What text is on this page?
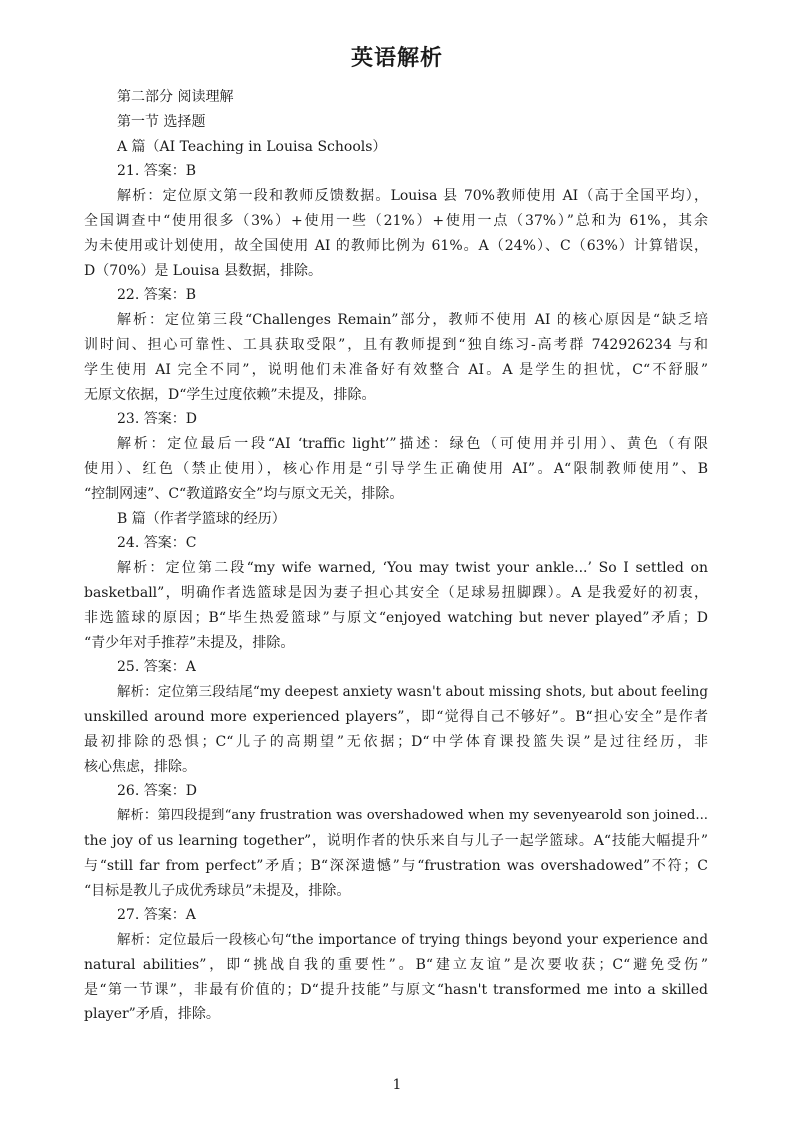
英语解析
第二部分 阅读理解
第一节 选择题
A 篇（AI Teaching in Louisa Schools）
21. 答案：B
解析：定位原文第一段和教师反馈数据。Louisa 县 70%教师使用 AI（高于全国平均），
全国调查中“使用很多（3%）+使用一些（21%）+使用一点（37%）”总和为 61%，其余
为未使用或计划使用，故全国使用 AI 的教师比例为 61%。A（24%）、C（63%）计算错误，
D（70%）是 Louisa 县数据，排除。
22. 答案：B
解析：定位第三段“Challenges Remain”部分，教师不使用 AI 的核心原因是“缺乏培
训时间、担心可靠性、工具获取受限”，且有教师提到“独自练习-高考群 742926234 与和
学生使用 AI 完全不同”，说明他们未准备好有效整合 AI。A 是学生的担忧，C“不舒服”
无原文依据，D“学生过度依赖”未提及，排除。
23. 答案：D
解析：定位最后一段“AI ‘traffic light’”描述：绿色（可使用并引用）、黄色（有限
使用）、红色（禁止使用），核心作用是“引导学生正确使用 AI”。A“限制教师使用”、B
“控制网速”、C“教道路安全”均与原文无关，排除。
B 篇（作者学篮球的经历）
24. 答案：C
解析：定位第二段“my wife warned, ‘You may twist your ankle...’ So I settled on
basketball”，明确作者选篮球是因为妻子担心其安全（足球易扭脚踝）。A 是我爱好的初衷，
非选篮球的原因；B“毕生热爱篮球”与原文“enjoyed watching but never played”矛盾；D
“青少年对手推荐”未提及，排除。
25. 答案：A
解析：定位第三段结尾“my deepest anxiety wasn't about missing shots, but about feeling
unskilled around more experienced players”，即“觉得自己不够好”。B“担心安全”是作者
最初排除的恐惧；C“儿子的高期望”无依据；D“中学体育课投篮失误”是过往经历，非
核心焦虑，排除。
26. 答案：D
解析：第四段提到“any frustration was overshadowed when my sevenyearold son joined...
the joy of us learning together”，说明作者的快乐来自与儿子一起学篮球。A“技能大幅提升”
与“still far from perfect”矛盾；B“深深遗憾”与“frustration was overshadowed”不符；C
“目标是教儿子成优秀球员”未提及，排除。
27. 答案：A
解析：定位最后一段核心句“the importance of trying things beyond your experience and
natural abilities”，即“挑战自我的重要性”。B“建立友谊”是次要收获；C“避免受伤”
是“第一节课”，非最有价值的；D“提升技能”与原文“hasn't transformed me into a skilled
player”矛盾，排除。
1
